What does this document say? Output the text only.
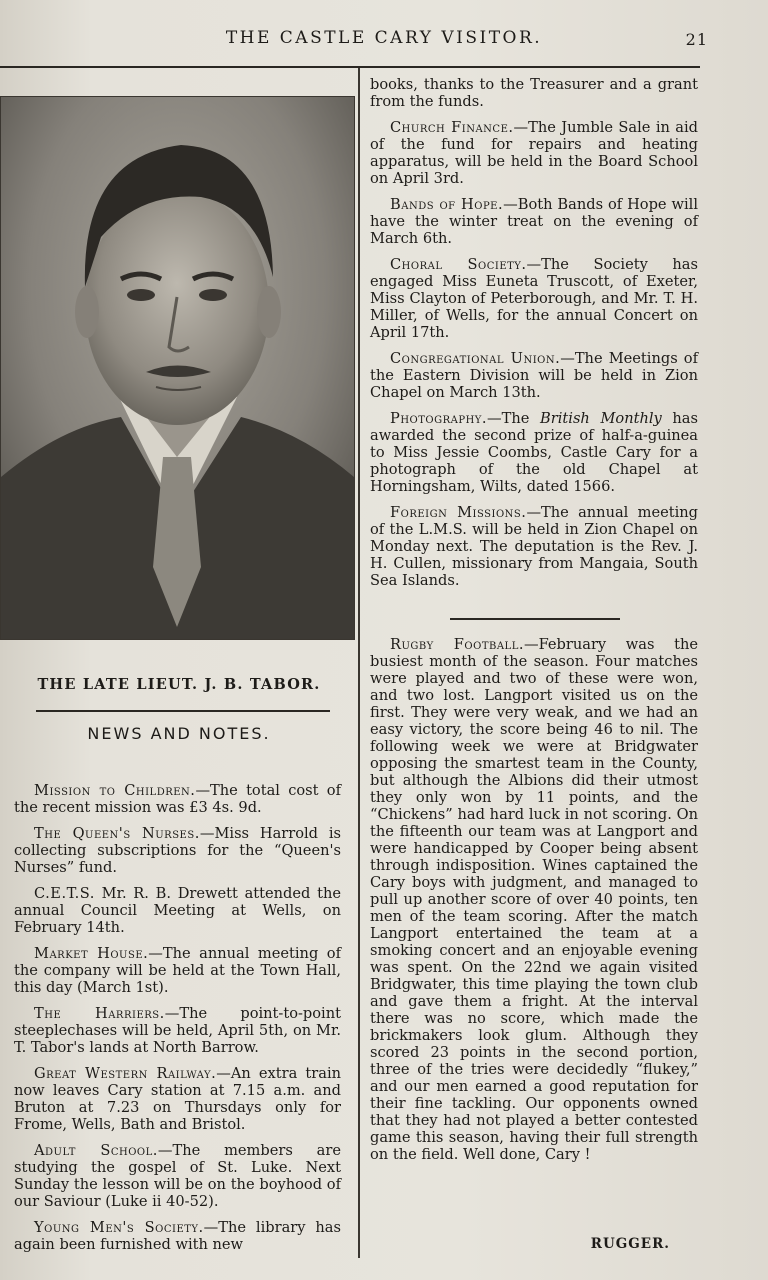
THE CASTLE CARY VISITOR.	21
THE LATE LIEUT. J. B. TABOR.
NEWS AND NOTES.

Mission to Children.—The total cost of the recent mission was £3 4s. 9d.

The Queen's Nurses.—Miss Harrold is collecting subscriptions for the “Queen's Nurses” fund.

C.E.T.S. Mr. R. B. Drewett attended the annual Council Meeting at Wells, on February 14th.

Market House.—The annual meeting of the company will be held at the Town Hall, this day (March 1st).

The Harriers.—The point-to-point steeplechases will be held, April 5th, on Mr. T. Tabor's lands at North Barrow.

Great Western Railway.—An extra train now leaves Cary station at 7.15 a.m. and Bruton at 7.23 on Thursdays only for Frome, Wells, Bath and Bristol.

Adult School.—The members are studying the gospel of St. Luke. Next Sunday the lesson will be on the boyhood of our Saviour (Luke ii 40-52).

Young Men's Society.—The library has again been furnished with new

books, thanks to the Treasurer and a grant from the funds.

Church Finance.—The Jumble Sale in aid of the fund for repairs and heating apparatus, will be held in the Board School on April 3rd.

Bands of Hope.—Both Bands of Hope will have the winter treat on the evening of March 6th.

Choral Society.—The Society has engaged Miss Euneta Truscott, of Exeter, Miss Clayton of Peterborough, and Mr. T. H. Miller, of Wells, for the annual Concert on April 17th.

Congregational Union.—The Meetings of the Eastern Division will be held in Zion Chapel on March 13th.

Photography.—The British Monthly has awarded the second prize of half-a-guinea to Miss Jessie Coombs, Castle Cary for a photograph of the old Chapel at Horningsham, Wilts, dated 1566.

Foreign Missions.—The annual meeting of the L.M.S. will be held in Zion Chapel on Monday next. The deputation is the Rev. J. H. Cullen, missionary from Mangaia, South Sea Islands.

Rugby Football.—February was the busiest month of the season. Four matches were played and two of these were won, and two lost. Langport visited us on the first. They were very weak, and we had an easy victory, the score being 46 to nil. The following week we were at Bridgwater opposing the smartest team in the County, but although the Albions did their utmost they only won by 11 points, and the “Chickens” had hard luck in not scoring. On the fifteenth our team was at Langport and were handicapped by Cooper being absent through indisposition. Wines captained the Cary boys with judgment, and managed to pull up another score of over 40 points, ten men of the team scoring. After the match Langport entertained the team at a smoking concert and an enjoyable evening was spent. On the 22nd we again visited Bridgwater, this time playing the town club and gave them a fright. At the interval there was no score, which made the brickmakers look glum. Although they scored 23 points in the second portion, three of the tries were decidedly “flukey,” and our men earned a good reputation for their fine tackling. Our opponents owned that they had not played a better contested game this season, having their full strength on the field. Well done, Cary !

RUGGER.
